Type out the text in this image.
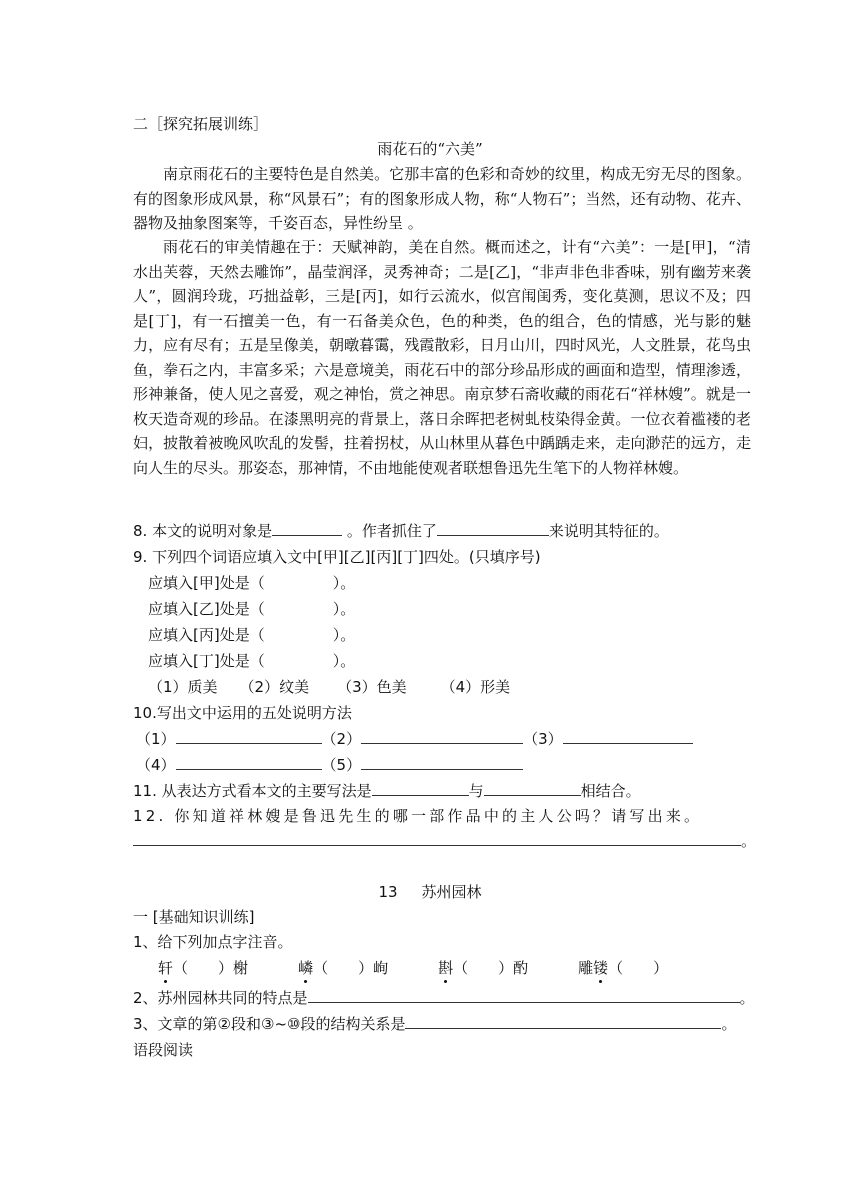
二［探究拓展训练］
雨花石的“六美”
南京雨花石的主要特色是自然美。它那丰富的色彩和奇妙的纹里，构成无穷无尽的图象。有的图象形成风景，称“风景石”；有的图象形成人物，称“人物石”；当然，还有动物、花卉、器物及抽象图案等，千姿百态，异性纷呈 。
雨花石的审美情趣在于：天赋神韵，美在自然。概而述之，计有“六美”：一是[甲]，“清水出芙蓉，天然去雕饰”，晶莹润泽，灵秀神奇；二是[乙]，“非声非色非香味，别有幽芳来袭人”，圆润玲珑，巧拙益彰，三是[丙]，如行云流水，似宫闱闺秀，变化莫测，思议不及；四是[丁]，有一石擅美一色，有一石备美众色，色的种类，色的组合，色的情感，光与影的魅力，应有尽有；五是呈像美，朝暾暮霭，残霞散彩，日月山川，四时风光，人文胜景，花鸟虫鱼，拳石之内，丰富多采；六是意境美，雨花石中的部分珍品形成的画面和造型，情理渗透，形神兼备，使人见之喜爱，观之神怡，赏之神思。南京梦石斋收藏的雨花石“祥林嫂”。就是一枚天造奇观的珍品。在漆黑明亮的背景上，落日余晖把老树虬枝染得金黄。一位衣着褴褛的老妇，披散着被晚风吹乱的发髻，拄着拐杖，从山林里从暮色中踽踽走来，走向渺茫的远方，走向人生的尽头。那姿态，那神情，不由地能使观者联想鲁迅先生笔下的人物祥林嫂。
8. 本文的说明对象是	。作者抓住了	来说明其特征的。
9. 下列四个词语应填入文中[甲][乙][丙][丁]四处。(只填序号)
应填入[甲]处是（	）。
应填入[乙]处是（	）。
应填入[丙]处是（	）。
应填入[丁]处是（	）。
（1）质美 （2）纹美 （3）色美 （4）形美
10.写出文中运用的五处说明方法
（1）	（2）	（3）
（4）	（5）
11. 从表达方式看本文的主要写法是	与	相结合。
12. 你知道祥林嫂是鲁迅先生的哪一部作品中的主人公吗？请写出来。
。
13 苏州园林
一 [基础知识训练]
1、给下列加点字注音。
轩（　　）榭	嶙（　　）峋	斟（　　）酌	雕镂（　　）
2、苏州园林共同的特点是	。
3、文章的第②段和③~⑩段的结构关系是	。
语段阅读
